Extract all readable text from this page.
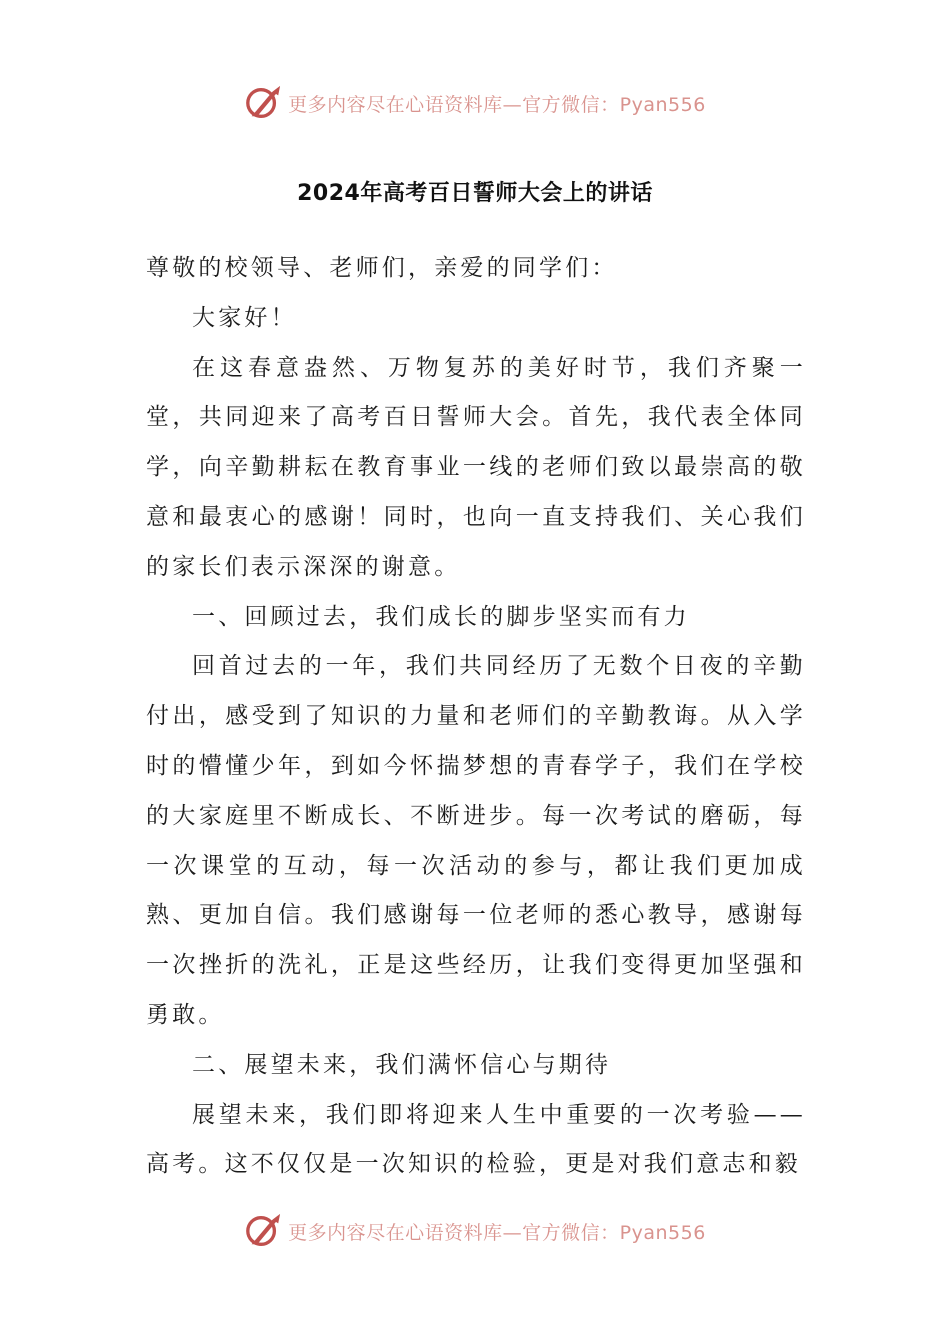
更多内容尽在心语资料库—官方微信：Pyan556
2024年高考百日誓师大会上的讲话

尊敬的校领导、老师们，亲爱的同学们：

大家好！

在这春意盎然、万物复苏的美好时节，我们齐聚一堂，共同迎来了高考百日誓师大会。首先，我代表全体同学，向辛勤耕耘在教育事业一线的老师们致以最崇高的敬意和最衷心的感谢！同时，也向一直支持我们、关心我们的家长们表示深深的谢意。

一、回顾过去，我们成长的脚步坚实而有力

回首过去的一年，我们共同经历了无数个日夜的辛勤付出，感受到了知识的力量和老师们的辛勤教诲。从入学时的懵懂少年，到如今怀揣梦想的青春学子，我们在学校的大家庭里不断成长、不断进步。每一次考试的磨砺，每一次课堂的互动，每一次活动的参与，都让我们更加成熟、更加自信。我们感谢每一位老师的悉心教导，感谢每一次挫折的洗礼，正是这些经历，让我们变得更加坚强和勇敢。

二、展望未来，我们满怀信心与期待

展望未来，我们即将迎来人生中重要的一次考验——高考。这不仅仅是一次知识的检验，更是对我们意志和毅

更多内容尽在心语资料库—官方微信：Pyan556
